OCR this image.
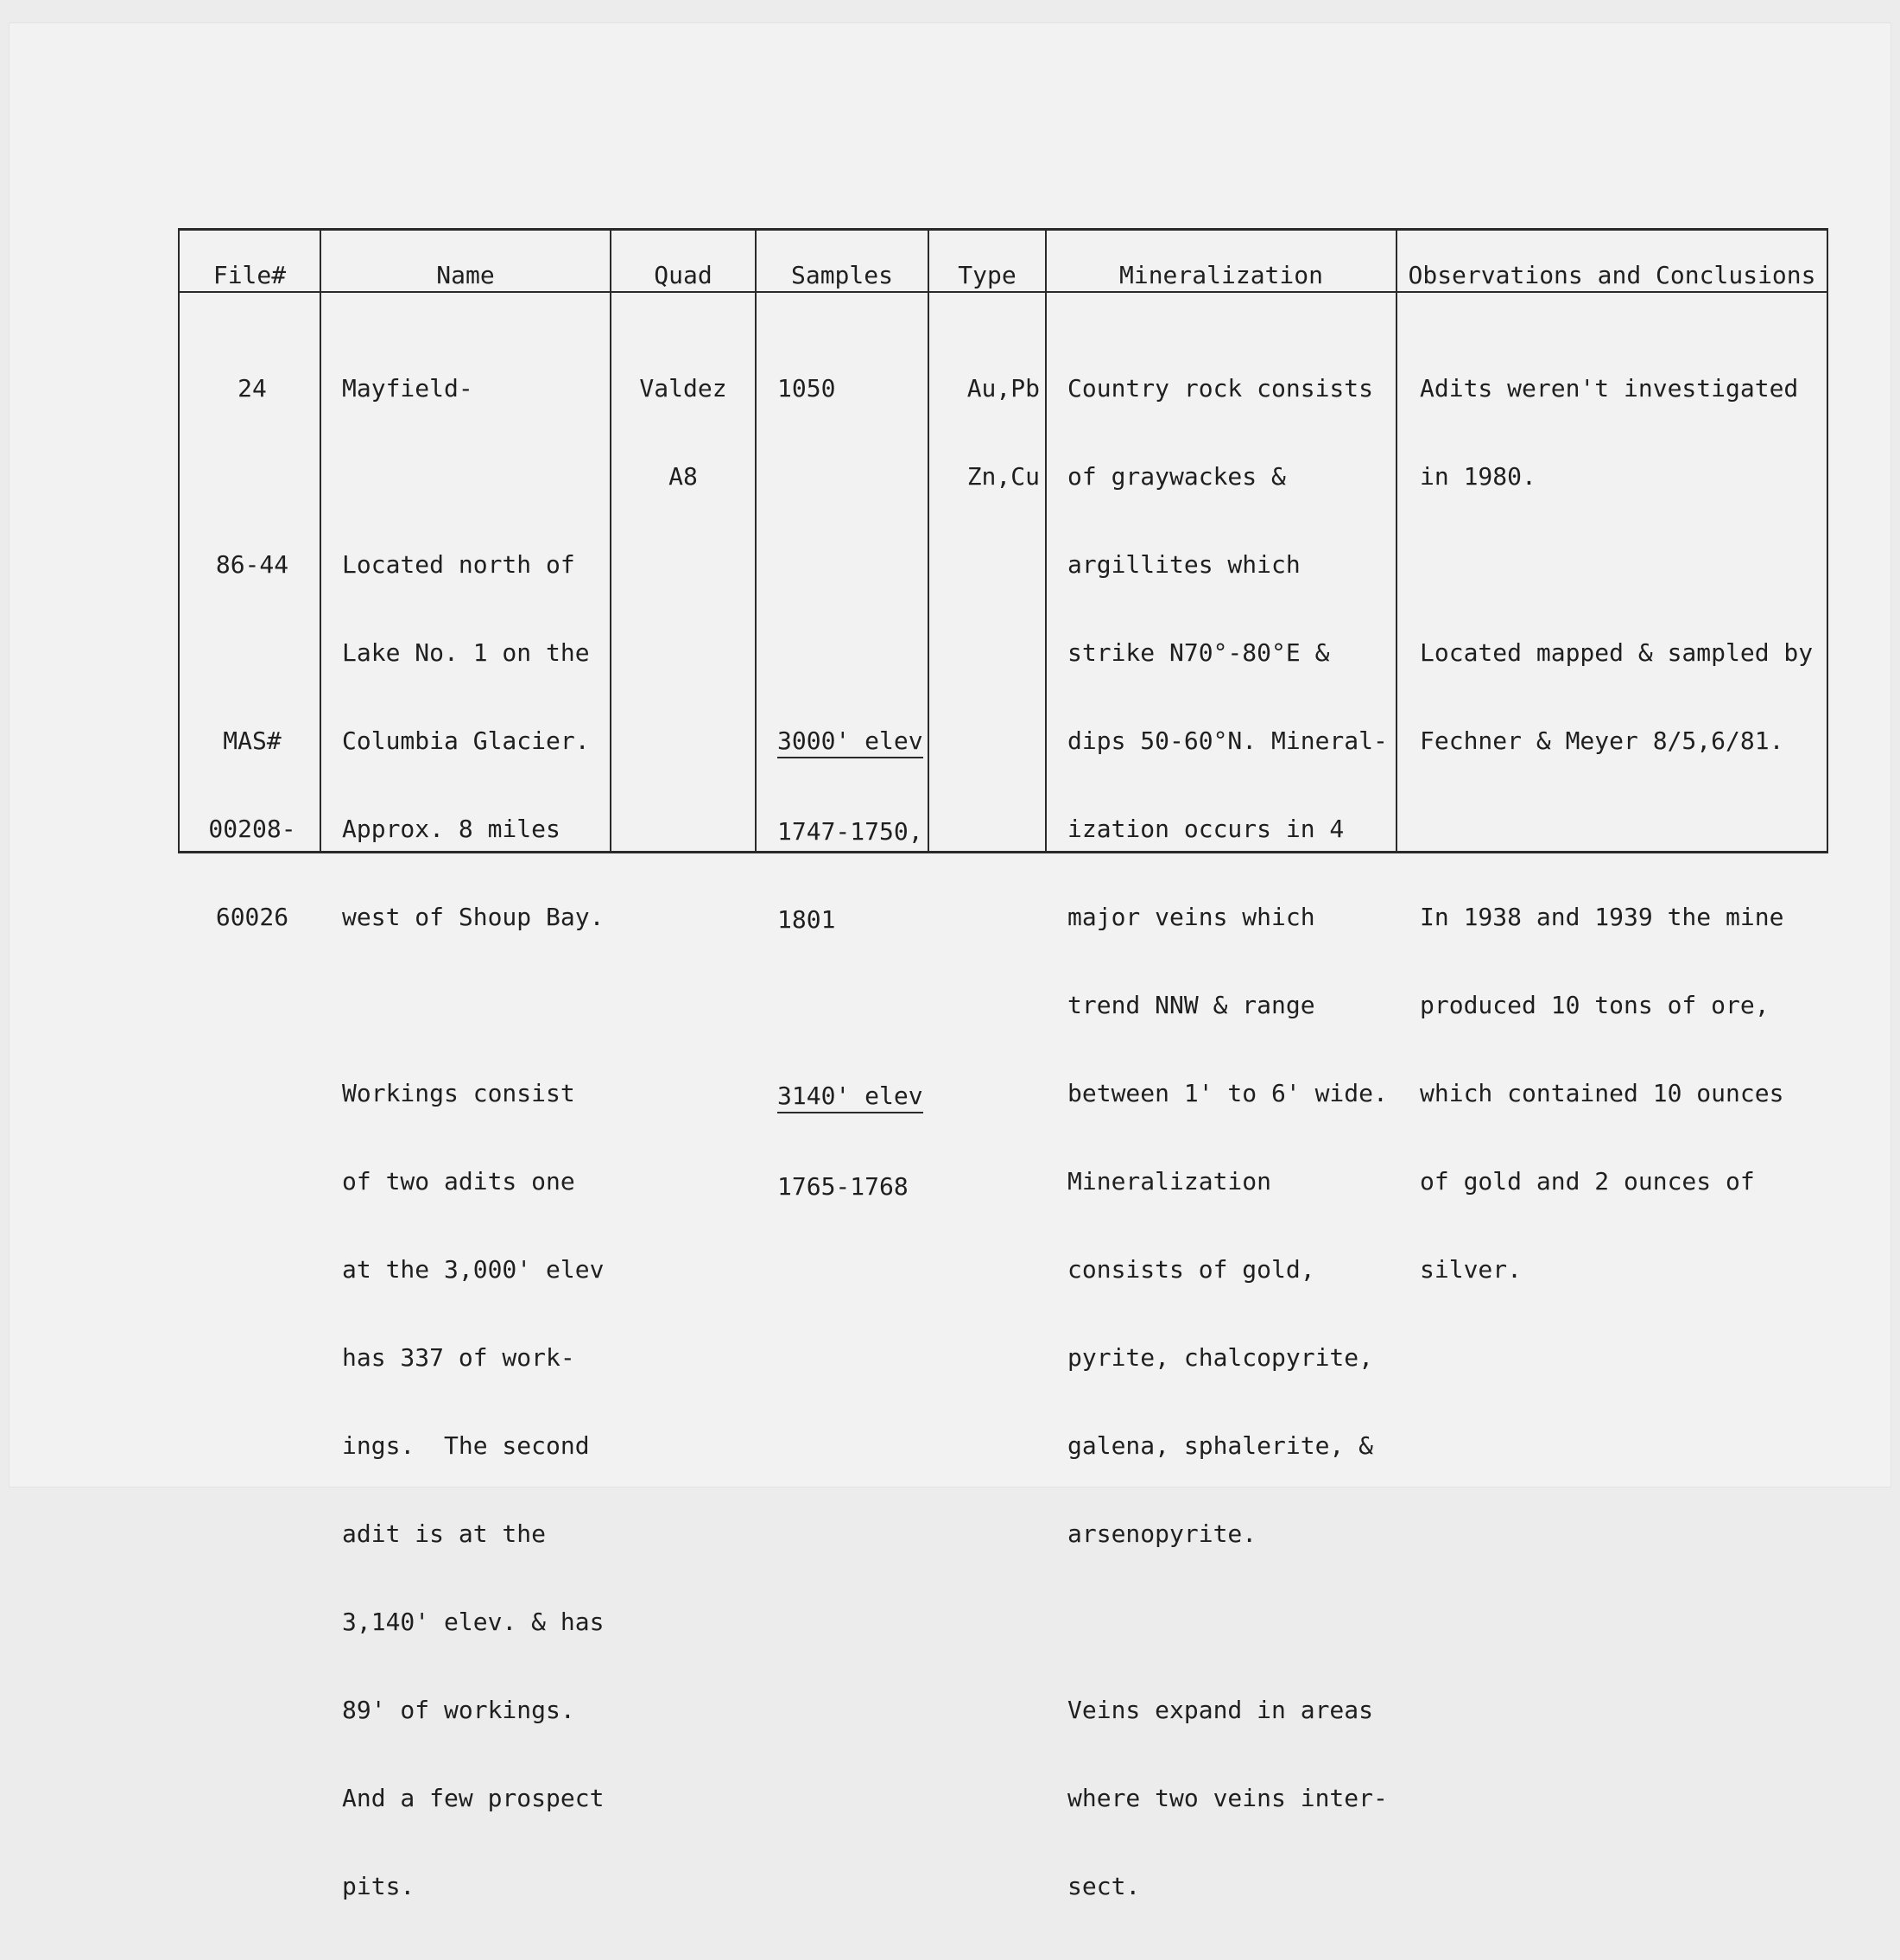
File#

24

86-44

MAS#

00208-

60026

Name

Mayfield-

Located north of

Lake No. 1 on the

Columbia Glacier.

Approx. 8 miles

west of Shoup Bay.

Workings consist

of two adits one

at the 3,000' elev

has 337 of work-

ings.  The second

adit is at the

3,140' elev. & has

89' of workings.

And a few prospect

pits.

Quad

Valdez

A8

Samples

1050

3000' elev

1747-1750,

1801

3140' elev

1765-1768

Type

Au,Pb

Zn,Cu

Mineralization

Country rock consists

of graywackes &

argillites which

strike N70°-80°E &

dips 50-60°N. Mineral-

ization occurs in 4

major veins which

trend NNW & range

between 1' to 6' wide.

Mineralization

consists of gold,

pyrite, chalcopyrite,

galena, sphalerite, &

arsenopyrite.

Veins expand in areas

where two veins inter-

sect.

Observations and Conclusions

Adits weren't investigated

in 1980.

Located mapped & sampled by

Fechner & Meyer 8/5,6/81.

In 1938 and 1939 the mine

produced 10 tons of ore,

which contained 10 ounces

of gold and 2 ounces of

silver.
